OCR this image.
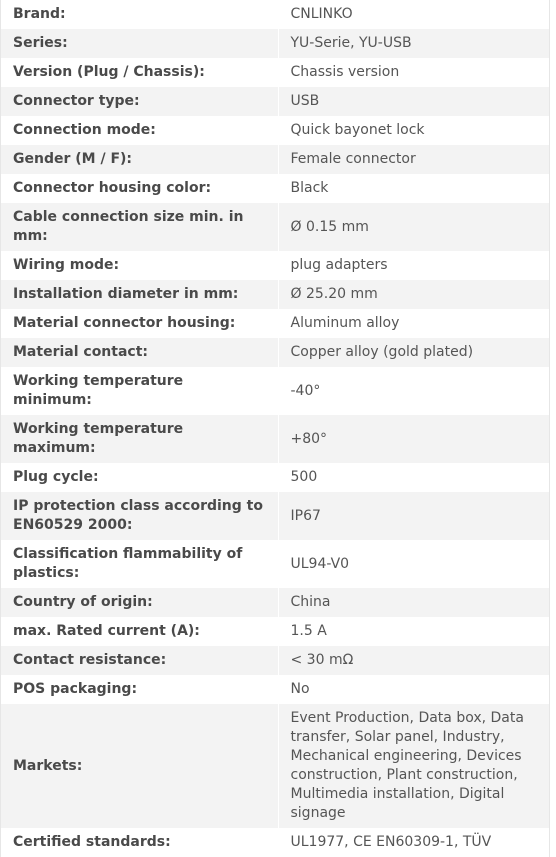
Brand:	CNLINKO
Series:	YU-Serie, YU-USB
Version (Plug / Chassis):	Chassis version
Connector type:	USB
Connection mode:	Quick bayonet lock
Gender (M / F):	Female connector
Connector housing color:	Black
Cable connection size min. in mm:	Ø 0.15 mm
Wiring mode:	plug adapters
Installation diameter in mm:	Ø 25.20 mm
Material connector housing:	Aluminum alloy
Material contact:	Copper alloy (gold plated)
Working temperature minimum:	-40°
Working temperature maximum:	+80°
Plug cycle:	500
IP protection class according to EN60529 2000:	IP67
Classification flammability of plastics:	UL94-V0
Country of origin:	China
max. Rated current (A):	1.5 A
Contact resistance:	< 30 mΩ
POS packaging:	No
Markets:	Event Production, Data box, Data transfer, Solar panel, Industry, Mechanical engineering, Devices construction, Plant construction, Multimedia installation, Digital signage
Certified standards:	UL1977, CE EN60309-1, TÜV
